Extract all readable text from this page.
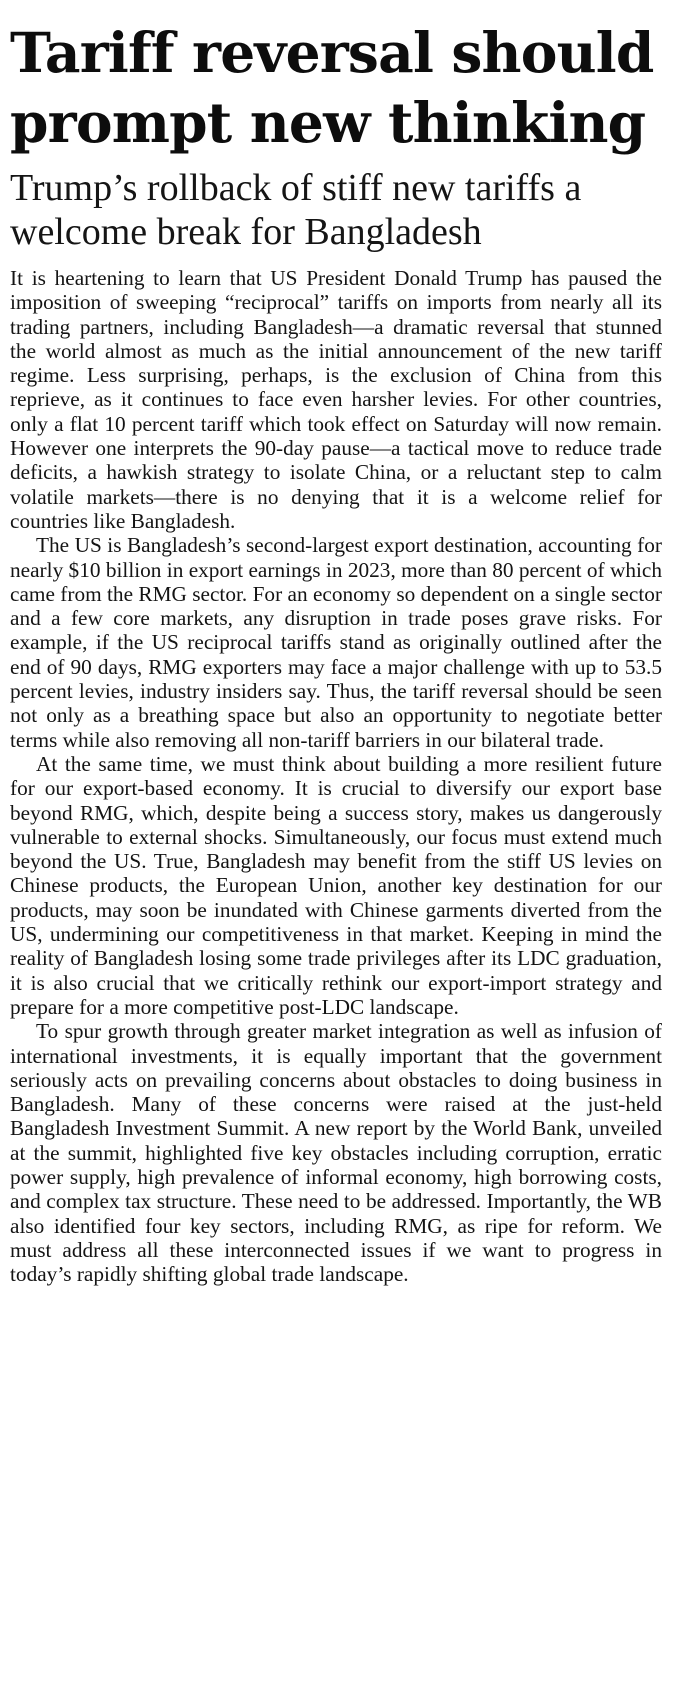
Tariff reversal should prompt new thinking
Trump’s rollback of stiff new tariffs a welcome break for Bangladesh

It is heartening to learn that US President Donald Trump has paused the imposition of sweeping “reciprocal” tariffs on imports from nearly all its trading partners, including Bangladesh—a dramatic reversal that stunned the world almost as much as the initial announcement of the new tariff regime. Less surprising, perhaps, is the exclusion of China from this reprieve, as it continues to face even harsher levies. For other countries, only a flat 10 percent tariff which took effect on Saturday will now remain. However one interprets the 90-day pause—a tactical move to reduce trade deficits, a hawkish strategy to isolate China, or a reluctant step to calm volatile markets—there is no denying that it is a welcome relief for countries like Bangladesh.

The US is Bangladesh’s second-largest export destination, accounting for nearly $10 billion in export earnings in 2023, more than 80 percent of which came from the RMG sector. For an economy so dependent on a single sector and a few core markets, any disruption in trade poses grave risks. For example, if the US reciprocal tariffs stand as originally outlined after the end of 90 days, RMG exporters may face a major challenge with up to 53.5 percent levies, industry insiders say. Thus, the tariff reversal should be seen not only as a breathing space but also an opportunity to negotiate better terms while also removing all non-tariff barriers in our bilateral trade.

At the same time, we must think about building a more resilient future for our export-based economy. It is crucial to diversify our export base beyond RMG, which, despite being a success story, makes us dangerously vulnerable to external shocks. Simultaneously, our focus must extend much beyond the US. True, Bangladesh may benefit from the stiff US levies on Chinese products, the European Union, another key destination for our products, may soon be inundated with Chinese garments diverted from the US, undermining our competitiveness in that market. Keeping in mind the reality of Bangladesh losing some trade privileges after its LDC graduation, it is also crucial that we critically rethink our export-import strategy and prepare for a more competitive post-LDC landscape.

To spur growth through greater market integration as well as infusion of international investments, it is equally important that the government seriously acts on prevailing concerns about obstacles to doing business in Bangladesh. Many of these concerns were raised at the just-held Bangladesh Investment Summit. A new report by the World Bank, unveiled at the summit, highlighted five key obstacles including corruption, erratic power supply, high prevalence of informal economy, high borrowing costs, and complex tax structure. These need to be addressed. Importantly, the WB also identified four key sectors, including RMG, as ripe for reform. We must address all these interconnected issues if we want to progress in today’s rapidly shifting global trade landscape.
